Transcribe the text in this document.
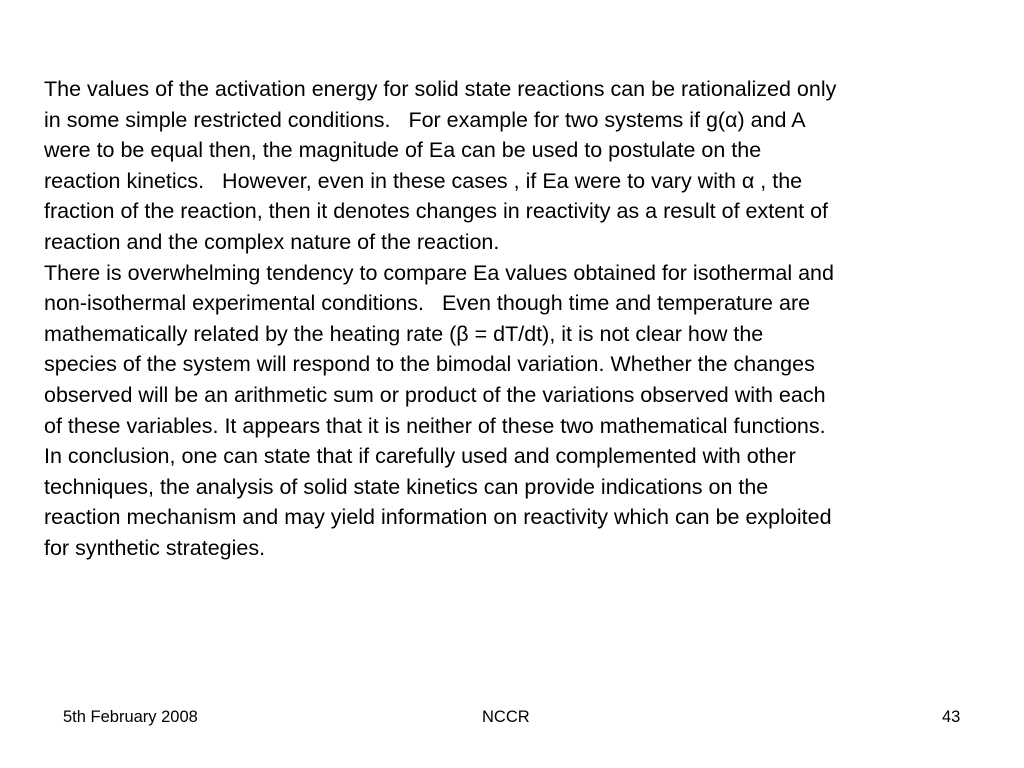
The values of the activation energy for solid state reactions can be rationalized only

in some simple restricted conditions.   For example for two systems if g(α) and A

were to be equal then, the magnitude of Ea can be used to postulate on the

reaction kinetics.   However, even in these cases , if Ea were to vary with α , the

fraction of the reaction, then it denotes changes in reactivity as a result of extent of

reaction and the complex nature of the reaction.

There is overwhelming tendency to compare Ea values obtained for isothermal and

non-isothermal experimental conditions.   Even though time and temperature are

mathematically related by the heating rate (β = dT/dt), it is not clear how the

species of the system will respond to the bimodal variation. Whether the changes

observed will be an arithmetic sum or product of the variations observed with each

of these variables. It appears that it is neither of these two mathematical functions.

In conclusion, one can state that if carefully used and complemented with other

techniques, the analysis of solid state kinetics can provide indications on the

reaction mechanism and may yield information on reactivity which can be exploited

for synthetic strategies.

5th February 2008	NCCR	43
